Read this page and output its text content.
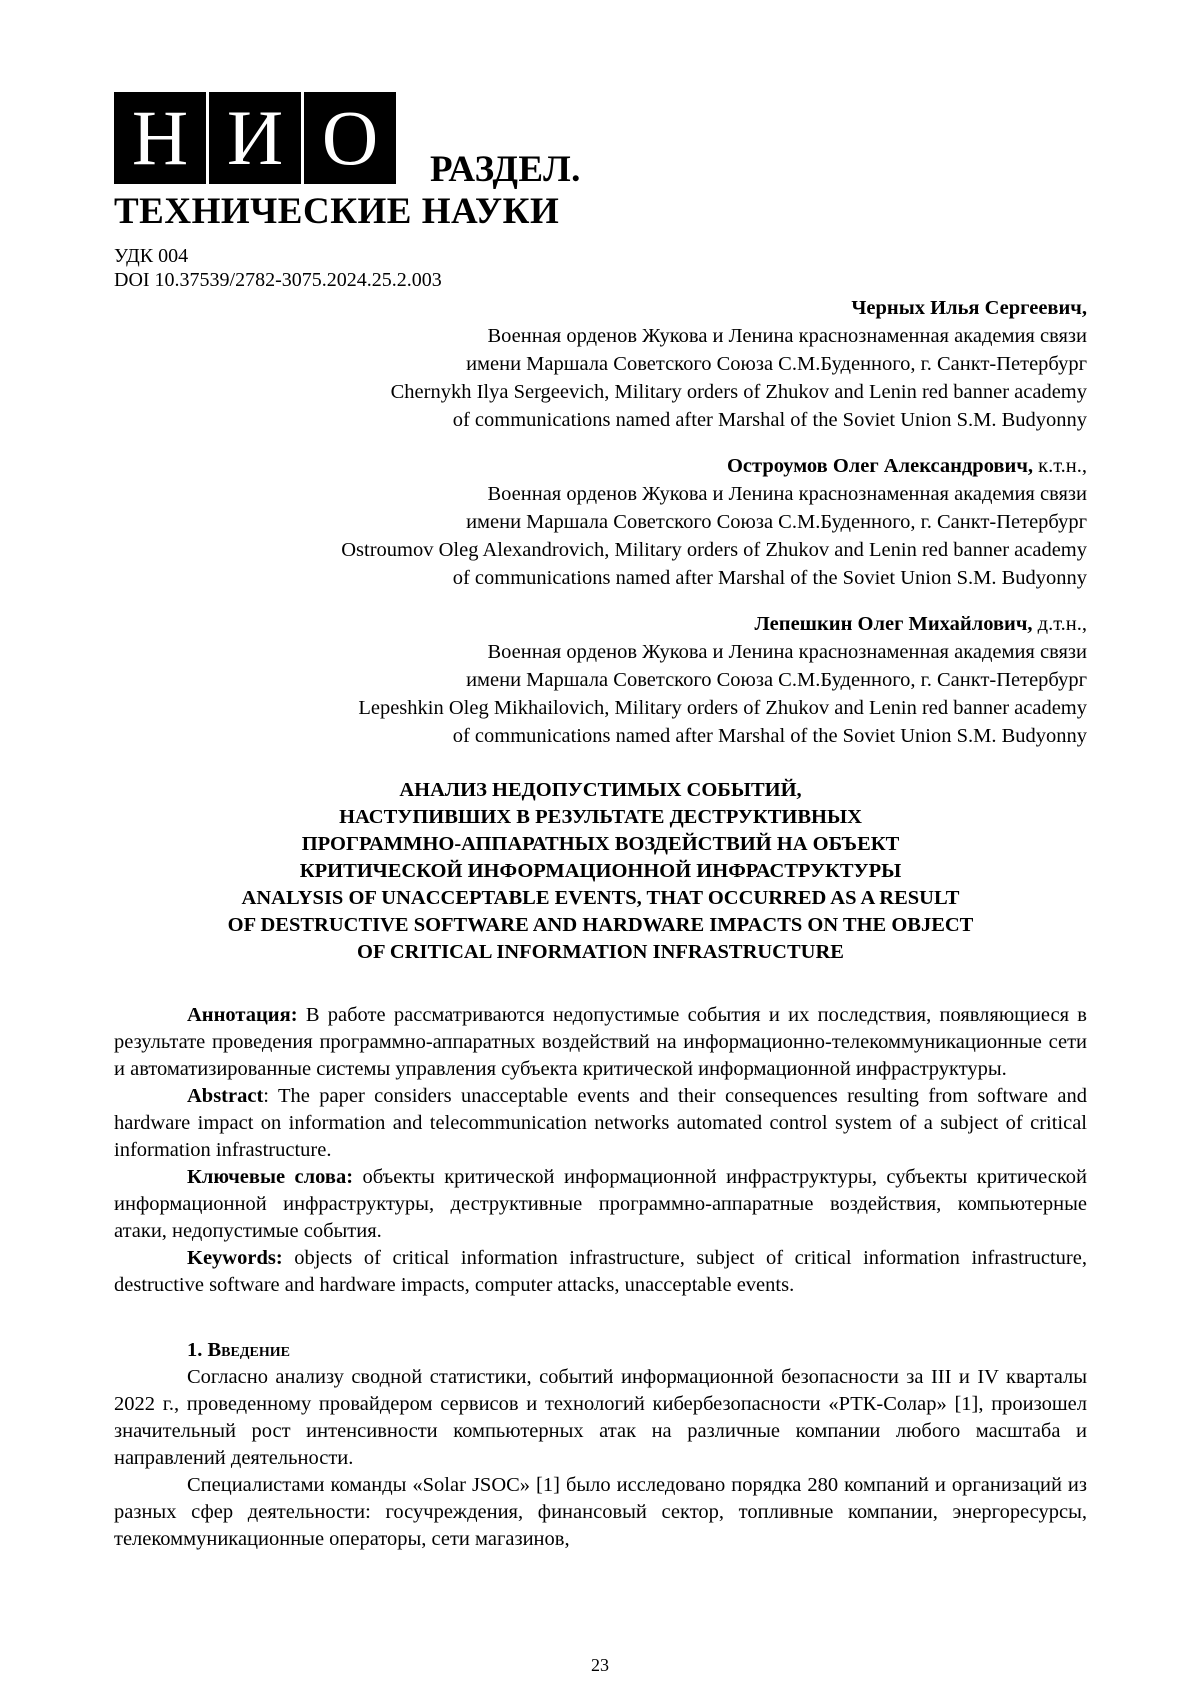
Н И О	РАЗДЕЛ.
ТЕХНИЧЕСКИЕ НАУКИ
УДК 004
DOI 10.37539/2782-3075.2024.25.2.003
Черных Илья Сергеевич,
Военная орденов Жукова и Ленина краснознаменная академия связи
имени Маршала Советского Союза С.М.Буденного, г. Санкт-Петербург
Chernykh Ilya Sergeevich, Military orders of Zhukov and Lenin red banner academy
of communications named after Marshal of the Soviet Union S.M. Budyonny
Остроумов Олег Александрович, к.т.н.,
Военная орденов Жукова и Ленина краснознаменная академия связи
имени Маршала Советского Союза С.М.Буденного, г. Санкт-Петербург
Ostroumov Oleg Alexandrovich, Military orders of Zhukov and Lenin red banner academy
of communications named after Marshal of the Soviet Union S.M. Budyonny
Лепешкин Олег Михайлович, д.т.н.,
Военная орденов Жукова и Ленина краснознаменная академия связи
имени Маршала Советского Союза С.М.Буденного, г. Санкт-Петербург
Lepeshkin Oleg Mikhailovich, Military orders of Zhukov and Lenin red banner academy
of communications named after Marshal of the Soviet Union S.M. Budyonny
АНАЛИЗ НЕДОПУСТИМЫХ СОБЫТИЙ,
НАСТУПИВШИХ В РЕЗУЛЬТАТЕ ДЕСТРУКТИВНЫХ
ПРОГРАММНО-АППАРАТНЫХ ВОЗДЕЙСТВИЙ НА ОБЪЕКТ
КРИТИЧЕСКОЙ ИНФОРМАЦИОННОЙ ИНФРАСТРУКТУРЫ
ANALYSIS OF UNACCEPTABLE EVENTS, THAT OCCURRED AS A RESULT
OF DESTRUCTIVE SOFTWARE AND HARDWARE IMPACTS ON THE OBJECT
OF CRITICAL INFORMATION INFRASTRUCTURE

Аннотация: В работе рассматриваются недопустимые события и их последствия, появляющиеся в результате проведения программно-аппаратных воздействий на информационно-телекоммуникационные сети и автоматизированные системы управления субъекта критической информационной инфраструктуры.

Abstract: The paper considers unacceptable events and their consequences resulting from software and hardware impact on information and telecommunication networks automated control system of a subject of critical information infrastructure.

Ключевые слова: объекты критической информационной инфраструктуры, субъекты критической информационной инфраструктуры, деструктивные программно-аппаратные воздействия, компьютерные атаки, недопустимые события.

Keywords: objects of critical information infrastructure, subject of critical information infrastructure, destructive software and hardware impacts, computer attacks, unacceptable events.

1. Введение

Согласно анализу сводной статистики, событий информационной безопасности за III и IV кварталы 2022 г., проведенному провайдером сервисов и технологий кибербезопасности «РТК-Солар» [1], произошел значительный рост интенсивности компьютерных атак на различные компании любого масштаба и направлений деятельности.

Специалистами команды «Solar JSOC» [1] было исследовано порядка 280 компаний и организаций из разных сфер деятельности: госучреждения, финансовый сектор, топливные компании, энергоресурсы, телекоммуникационные операторы, сети магазинов,

23
